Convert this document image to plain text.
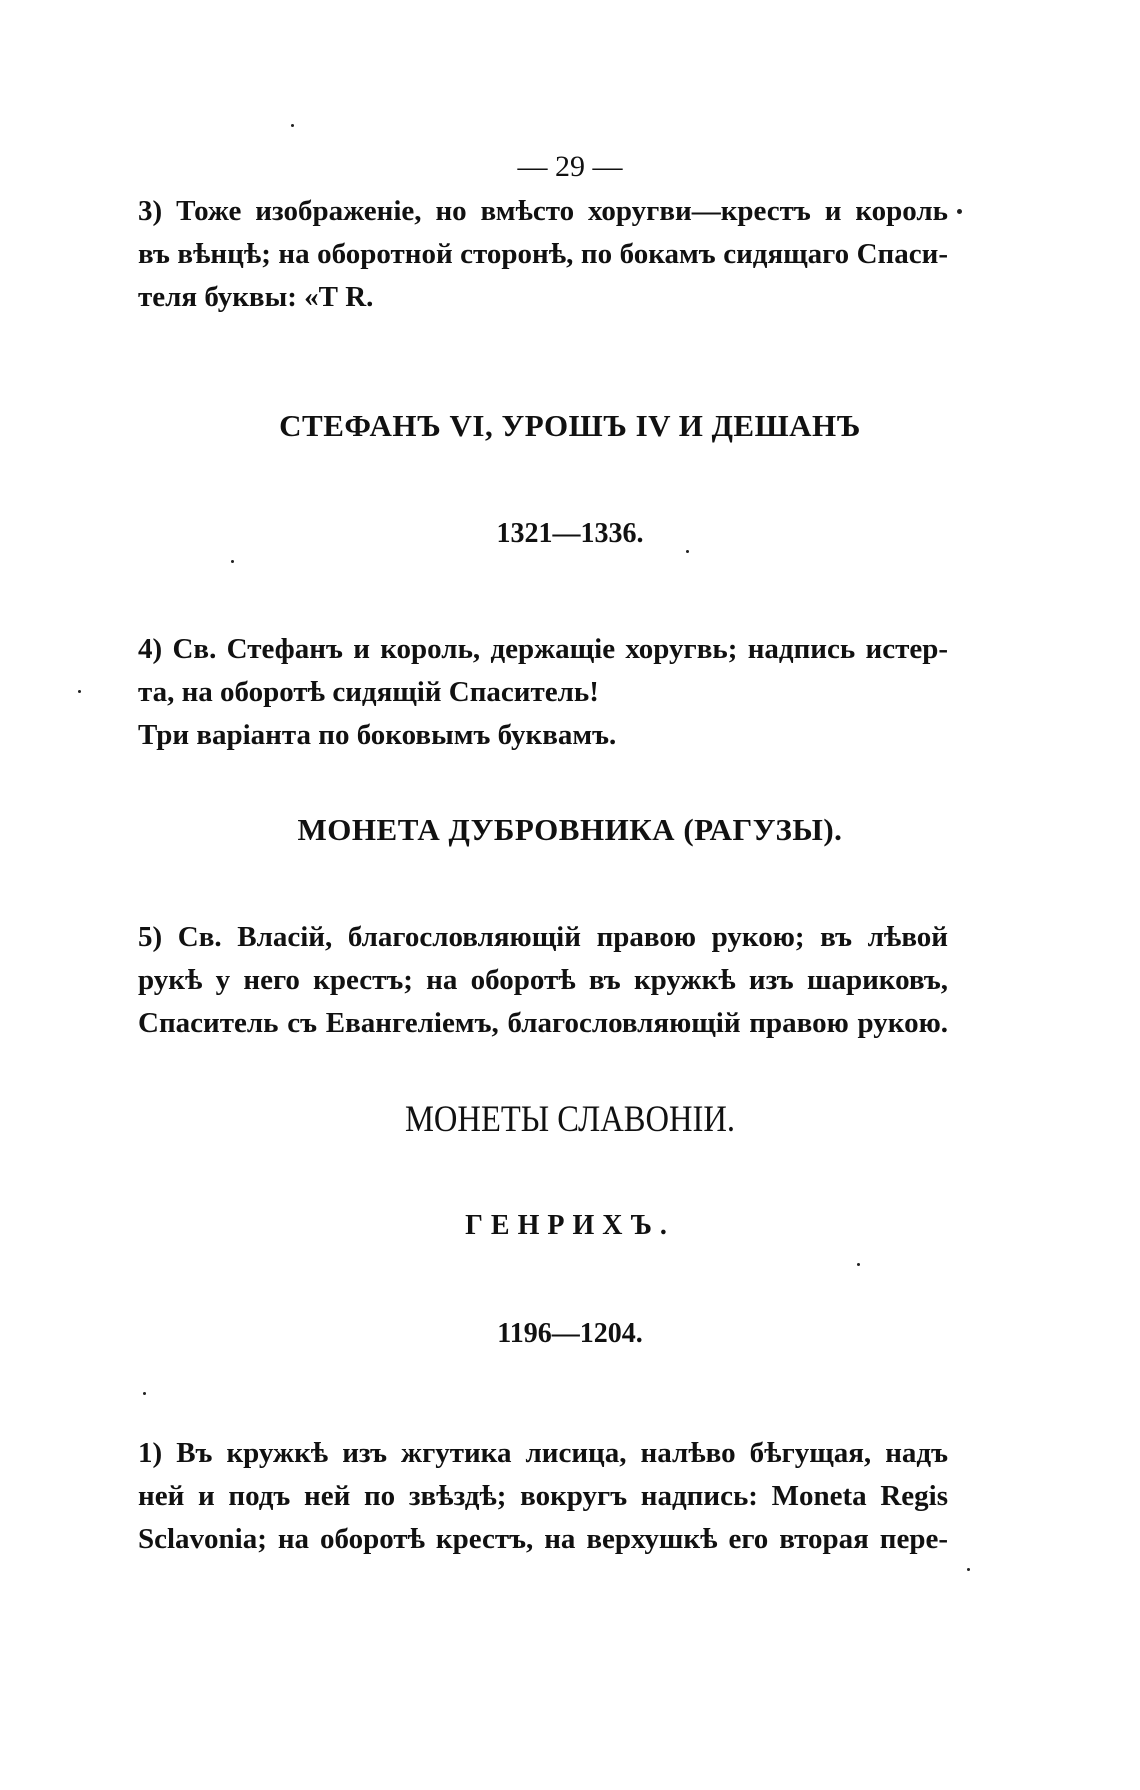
— 29 —
3) Тоже изображеніе, но вмѣсто хоругви—крестъ и король
въ вѣнцѣ; на оборотной сторонѣ, по бокамъ сидящаго Спаси-
теля буквы: «Т R.
СТЕФАНЪ VI, УРОШЪ IV И ДЕШАНЪ
1321—1336.
4) Св. Стефанъ и король, держащіе хоругвь; надпись истер-
та, на оборотѣ сидящій Спаситель!
Три варіанта по боковымъ буквамъ.
МОНЕТА ДУБРОВНИКА (РАГУЗЫ).
5) Св. Власій, благословляющій правою рукою; въ лѣвой
рукѣ у него крестъ; на оборотѣ въ кружкѣ изъ шариковъ,
Спаситель съ Евангеліемъ, благословляющій правою рукою.
МОНЕТЫ СЛАВОНІИ.
ГЕНРИХЪ.
1196—1204.
1) Въ кружкѣ изъ жгутика лисица, налѣво бѣгущая, надъ
ней и подъ ней по звѣздѣ; вокругъ надпись: Moneta Regis
Sclavonia; на оборотѣ крестъ, на верхушкѣ его вторая пере-
